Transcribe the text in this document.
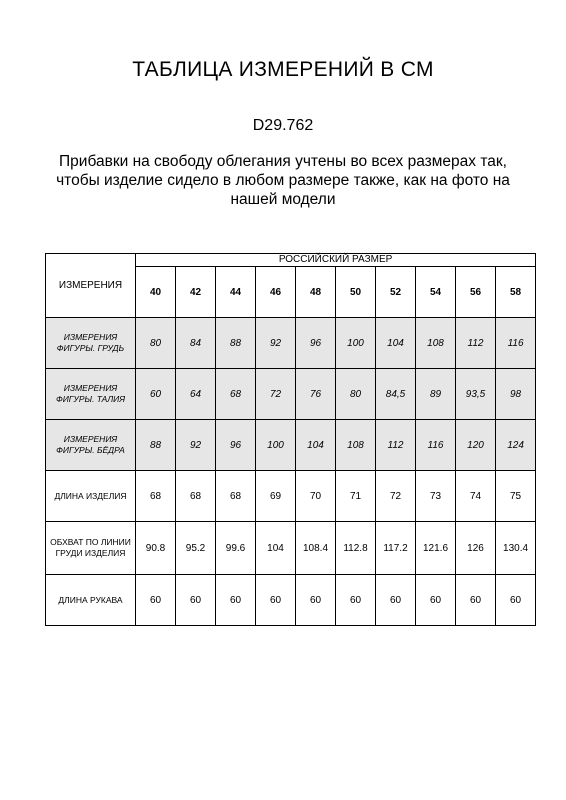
ТАБЛИЦА ИЗМЕРЕНИЙ В СМ
D29.762
Прибавки на свободу облегания учтены во всех размерах так, чтобы изделие сидело в любом размере также, как на фото на нашей модели
ИЗМЕРЕНИЯ	РОССИЙСКИЙ РАЗМЕР									
	40	42	44	46	48	50	52	54	56	58
ИЗМЕРЕНИЯ ФИГУРЫ. ГРУДЬ	80	84	88	92	96	100	104	108	112	116
ИЗМЕРЕНИЯ ФИГУРЫ. ТАЛИЯ	60	64	68	72	76	80	84,5	89	93,5	98
ИЗМЕРЕНИЯ ФИГУРЫ. БЁДРА	88	92	96	100	104	108	112	116	120	124
ДЛИНА ИЗДЕЛИЯ	68	68	68	69	70	71	72	73	74	75
ОБХВАТ ПО ЛИНИИ ГРУДИ ИЗДЕЛИЯ	90.8	95.2	99.6	104	108.4	112.8	117.2	121.6	126	130.4
ДЛИНА РУКАВА	60	60	60	60	60	60	60	60	60	60
